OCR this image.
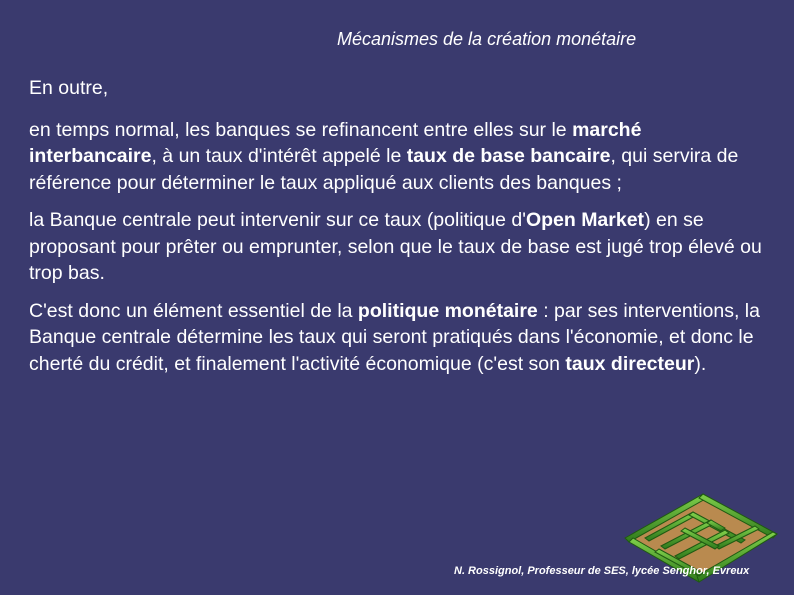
Mécanismes de la création monétaire

En outre,

en temps normal, les banques se refinancent entre elles sur le marché interbancaire, à un taux d'intérêt appelé le taux de base bancaire, qui servira de référence pour déterminer le taux appliqué aux clients des banques ;

la Banque centrale peut intervenir sur ce taux (politique d'Open Market) en se proposant pour prêter ou emprunter, selon que le taux de base est jugé trop élevé ou trop bas.

C'est donc un élément essentiel de la politique monétaire : par ses interventions, la Banque centrale détermine les taux qui seront pratiqués dans l'économie, et donc le cherté du crédit, et finalement l'activité économique (c'est son taux directeur).

N. Rossignol, Professeur de SES, lycée Senghor, Evreux
